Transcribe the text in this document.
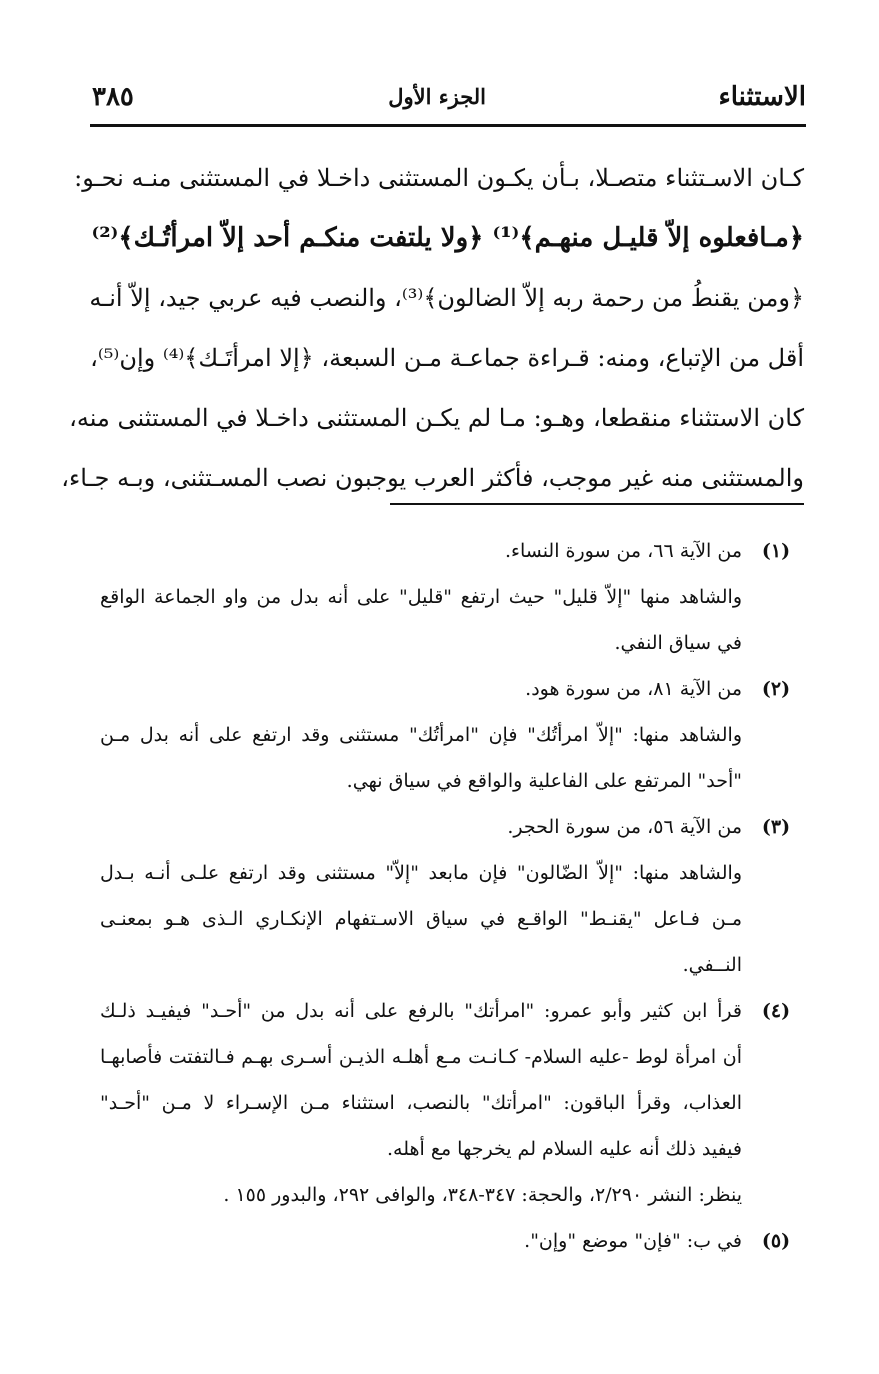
الاستثناء
الجزء الأول
٣٨٥
كـان الاسـتثناء متصـلا، بـأن يكـون المستثنى داخـلا في المستثنى منـه نحـو:
﴿مـافعلوه إلاّ قليـل منهـم﴾⁽¹⁾ ﴿ولا يلتفت منكـم أحد إلاّ امرأتُـك﴾⁽²⁾
﴿ومن يقنطُ من رحمة ربه إلاّ الضالون﴾⁽³⁾، والنصب فيه عربي جيد، إلاّ أنـه
أقل من الإتباع، ومنه: قـراءة جماعـة مـن السبعة، ﴿إلا امرأتَـك﴾⁽⁴⁾ وإن⁽⁵⁾،
كان الاستثناء منقطعا، وهـو: مـا لم يكـن المستثنى داخـلا في المستثنى منه،
والمستثنى منه غير موجب، فأكثر العرب يوجبون نصب المسـتثنى، وبـه جـاء،
(١)
من الآية ٦٦، من سورة النساء.
والشاهد منها "إلاّ قليل" حيث ارتفع "قليل" على أنه بدل من واو الجماعة الواقع
في سياق النفي.
(٢)
من الآية ٨١، من سورة هود.
والشاهد منها: "إلاّ امرأتُك" فإن "امرأتُك" مستثنى وقد ارتفع على أنه بدل مـن
"أحد" المرتفع على الفاعلية والواقع في سياق نهي.
(٣)
من الآية ٥٦، من سورة الحجر.
والشاهد منها: "إلاّ الضّالون" فإن مابعد "إلاّ" مستثنى وقد ارتفع علـى أنـه بـدل
مـن فـاعل "يقنـط" الواقـع في سياق الاسـتفهام الإنكـاري الـذى هـو بمعنـى
النــفي.
(٤)
قرأ ابن كثير وأبو عمرو: "امرأتك" بالرفع على أنه بدل من "أحـد" فيفيـد ذلـك
أن امرأة لوط -عليه السلام- كـانـت مـع أهلـه الذيـن أسـرى بهـم فـالتفتت فأصابهـا
العذاب، وقرأ الباقون: "امرأتك" بالنصب، استثناء مـن الإسـراء لا مـن "أحـد"
فيفيد ذلك أنه عليه السلام لم يخرجها مع أهله.
ينظر: النشر ٢/٢٩٠، والحجة: ٣٤٧-٣٤٨، والوافى ٢٩٢، والبدور ١٥٥ .
(٥)
في ب: "فإن" موضع "وإن".
